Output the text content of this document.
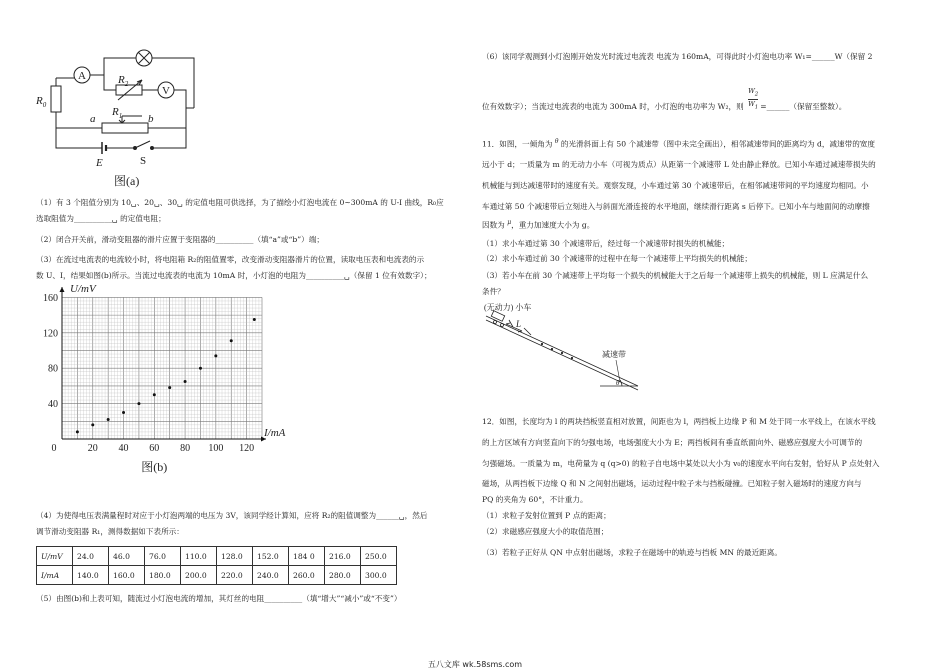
A
V
$R_0$
$R_2$
$R_1$
a	b
E	S
图(a)
（1）有 3 个阻值分别为 10␣、20␣、30␣ 的定值电阻可供选择，为了描绘小灯泡电流在 0~300mA 的 U-I 曲线，R₀应
选取阻值为__________␣ 的定值电阻；
（2）闭合开关前，滑动变阻器的滑片应置于变阻器的__________（填“a”或“b”）端；
（3）在流过电流表的电流较小时，将电阻箱 R₂的阻值置零，改变滑动变阻器滑片的位置，读取电压表和电流表的示
数 U、I，结果如图(b)所示。当流过电流表的电流为 10mA 时，小灯泡的电阻为__________␣（保留 1 位有效数字）；
0	20 40 60 80 100 120
40
80
120
160
U/mV
I/mA
图(b)
（4）为使得电压表满量程时对应于小灯泡两端的电压为 3V，该同学经计算知，应将 R₂的阻值调整为______␣，然后
调节滑动变阻器 R₁，测得数据如下表所示：
U/mV	24.0	46.0	76.0	110.0	128.0	152.0	184 0	216.0	250.0
I/mA	140.0	160.0	180.0	200.0	220.0	240.0	260.0	280.0	300.0
（5）由图(b)和上表可知，随流过小灯泡电流的增加，其灯丝的电阻__________（填“增大”“减小”或“不变”）
（6）该同学观测到小灯泡刚开始发光时流过电流表 电流为 160mA，可得此时小灯泡电功率 W₁=______W（保留 2
位有效数字）；当流过电流表的电流为 300mA 时，小灯泡的电功率为 W₂，则 $\frac{W_2}{W_1}$ =______（保留至整数）。
11．如图，一倾角为 $^\theta$ 的光滑斜面上有 50 个减速带（图中未完全画出），相邻减速带间的距离均为 d，减速带的宽度
远小于 d；一质量为 m 的无动力小车（可视为质点）从距第一个减速带 L 处由静止释放。已知小车通过减速带损失的
机械能与到达减速带时的速度有关。观察发现，小车通过第 30 个减速带后，在相邻减速带间的平均速度均相同。小
车通过第 50 个减速带后立刻进入与斜面光滑连接的水平地面，继续滑行距离 s 后停下。已知小车与地面间的动摩擦
因数为 $^\mu$，重力加速度大小为 g。
（1）求小车通过第 30 个减速带后，经过每一个减速带时损失的机械能；
（2）求小车通过前 30 个减速带的过程中在每一个减速带上平均损失的机械能；
（3）若小车在前 30 个减速带上平均每一个损失的机械能大于之后每一个减速带上损失的机械能，则 L 应满足什么
条件？
(无动力) 小车
L
减速带
θ
12．如图，长度均为 l 的两块挡板竖直相对放置，间距也为 l，两挡板上边缘 P 和 M 处于同一水平线上，在该水平线
的上方区域有方向竖直向下的匀强电场，电场强度大小为 E；两挡板间有垂直纸面向外、磁感应强度大小可调节的
匀强磁场。一质量为 m，电荷量为 q (q>0) 的粒子自电场中某处以大小为 v₀的速度水平向右发射，恰好从 P 点处射入
磁场，从两挡板下边缘 Q 和 N 之间射出磁场，运动过程中粒子未与挡板碰撞。已知粒子射入磁场时的速度方向与
PQ 的夹角为 60°，不计重力。
（1）求粒子发射位置到 P 点的距离；
（2）求磁感应强度大小的取值范围；
（3）若粒子正好从 QN 中点射出磁场，求粒子在磁场中的轨迹与挡板 MN 的最近距离。
五八文库 wk.58sms.com
